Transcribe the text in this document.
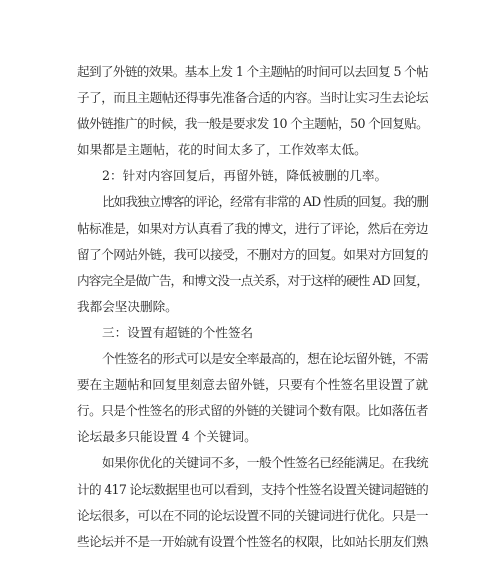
起到了外链的效果。基本上发 1 个主题帖的时间可以去回复 5 个帖
子了，而且主题帖还得事先准备合适的内容。当时让实习生去论坛
做外链推广的时候，我一般是要求发 10 个主题帖，50 个回复贴。
如果都是主题帖，花的时间太多了，工作效率太低。
2：针对内容回复后，再留外链，降低被删的几率。
比如我独立博客的评论，经常有非常的 AD 性质的回复。我的删
帖标准是，如果对方认真看了我的博文，进行了评论，然后在旁边
留了个网站外链，我可以接受，不删对方的回复。如果对方回复的
内容完全是做广告，和博文没一点关系，对于这样的硬性 AD 回复，
我都会坚决删除。
三：设置有超链的个性签名
个性签名的形式可以是安全率最高的，想在论坛留外链，不需
要在主题帖和回复里刻意去留外链，只要有个性签名里设置了就
行。只是个性签名的形式留的外链的关键词个数有限。比如落伍者
论坛最多只能设置 4 个关键词。
如果你优化的关键词不多，一般个性签名已经能满足。在我统
计的 417 论坛数据里也可以看到，支持个性签名设置关键词超链的
论坛很多，可以在不同的论坛设置不同的关键词进行优化。只是一
些论坛并不是一开始就有设置个性签名的权限，比如站长朋友们熟
